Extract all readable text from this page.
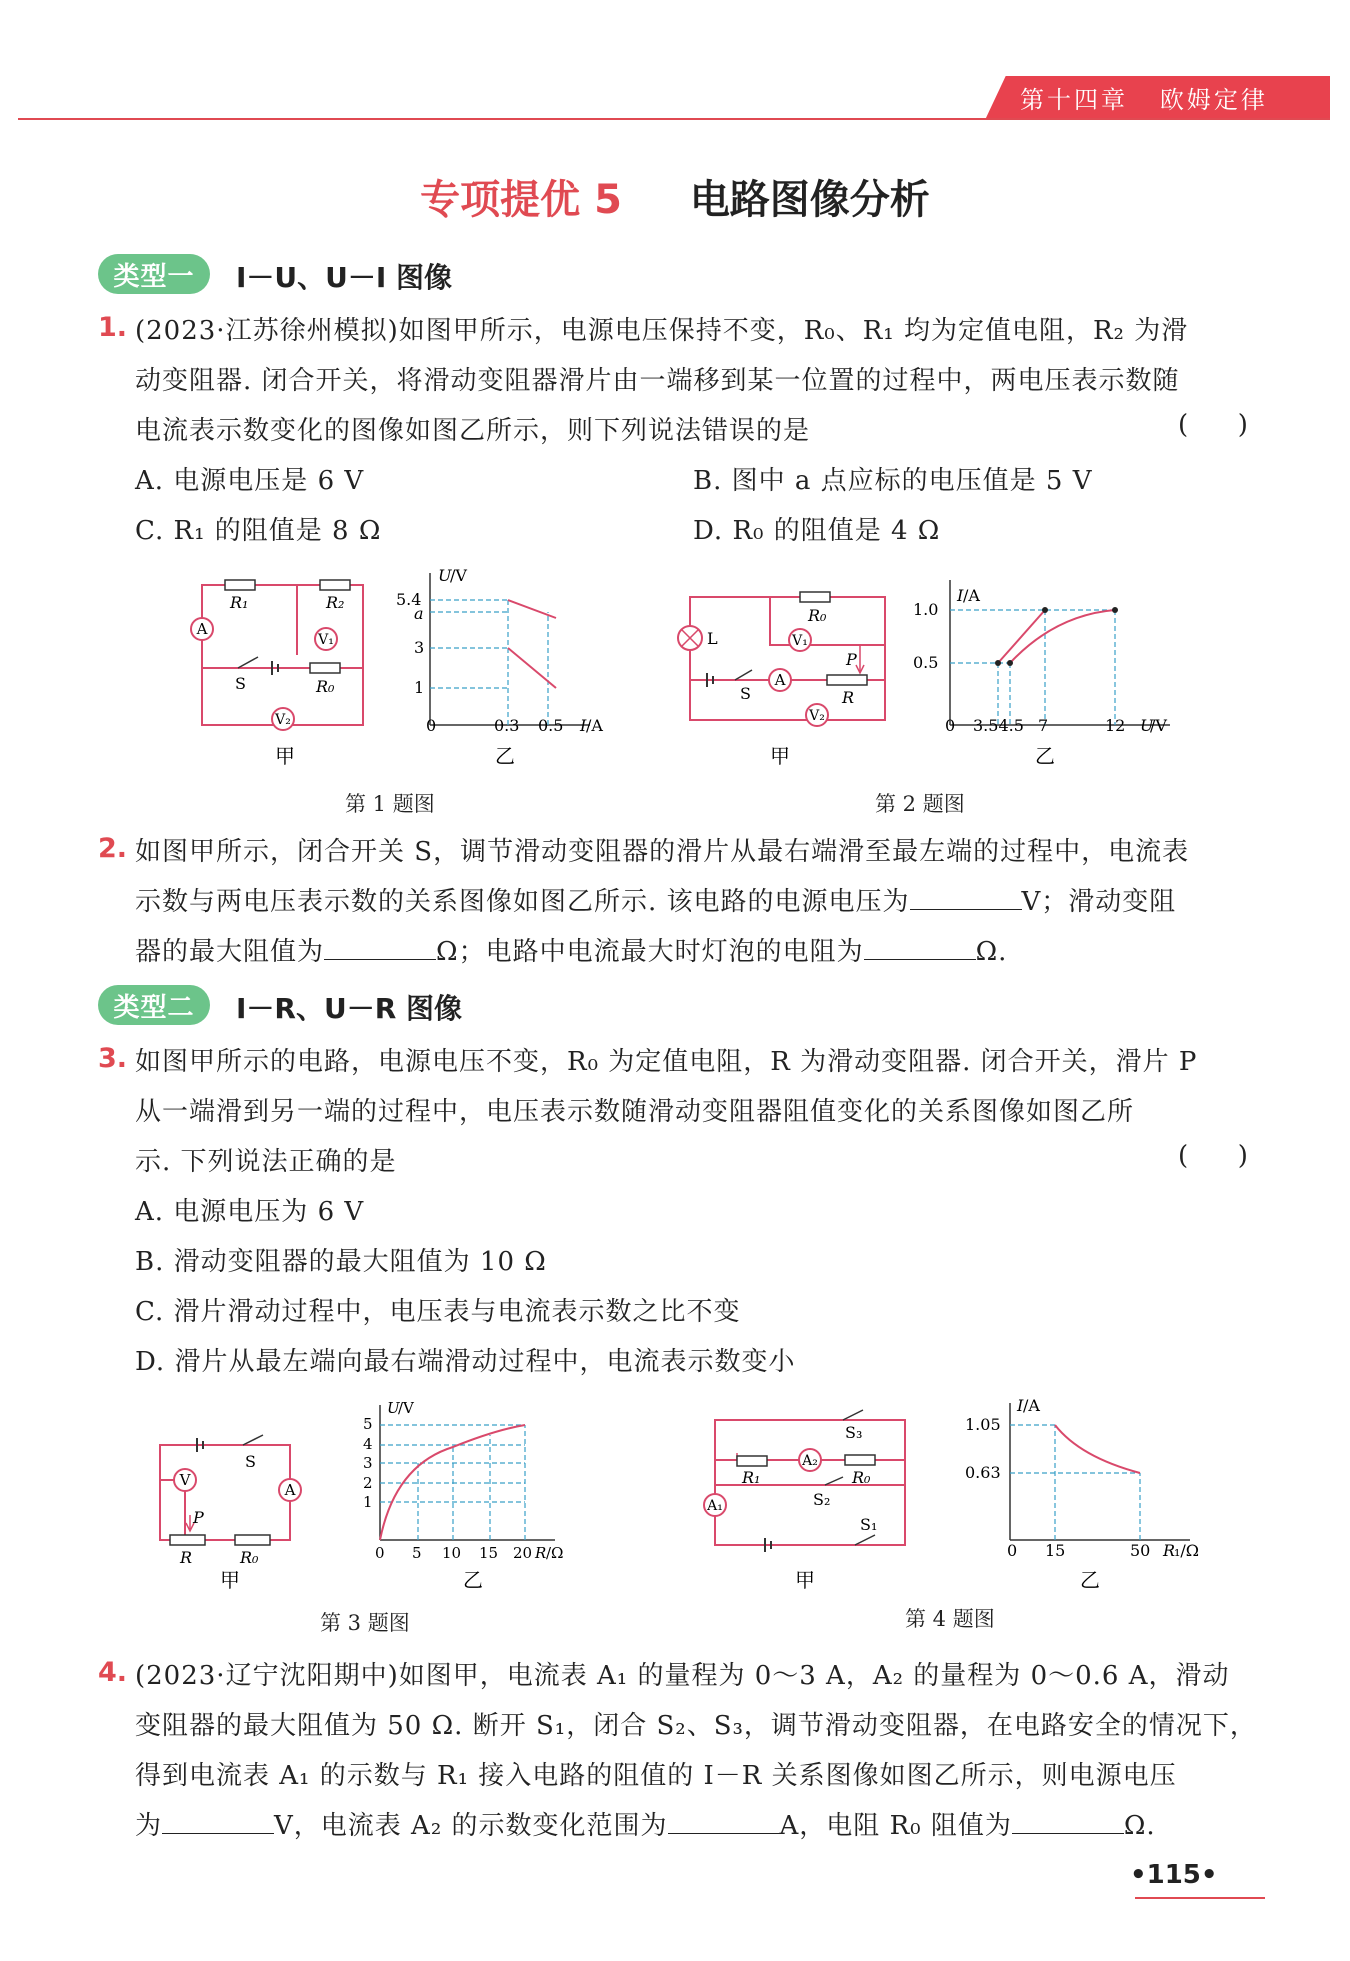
第十四章   欧姆定律
专项提优 5 电路图像分析
类型一	I－U、U－I 图像
1. (2023·江苏徐州模拟)如图甲所示，电源电压保持不变，R₀、R₁ 均为定值电阻，R₂ 为滑
动变阻器. 闭合开关，将滑动变阻器滑片由一端移到某一位置的过程中，两电压表示数随
电流表示数变化的图像如图乙所示，则下列说法错误的是	(      )
A. 电源电压是 6 V	B. 图中 a 点应标的电压值是 5 V
C. R₁ 的阻值是 8 Ω	D. R₀ 的阻值是 4 Ω
A
V₁
V₂
R₁	R₂
R₀
S
甲
U
/V
5.4
a
3
1
0	0.3 0.5 I /A
乙
第 1 题图
L	V₁
A
V₂
R₀
R
P
S
甲
I /A
1.0
0.5
0 3.54.5 7	12 U
/V
乙
第 2 题图
2. 如图甲所示，闭合开关 S，调节滑动变阻器的滑片从最右端滑至最左端的过程中，电流表
示数与两电压表示数的关系图像如图乙所示. 该电路的电源电压为	V；滑动变阻
器的最大阻值为	Ω；电路中电流最大时灯泡的电阻为	Ω.
类型二	I－R、U－R 图像
3. 如图甲所示的电路，电源电压不变，R₀ 为定值电阻，R 为滑动变阻器. 闭合开关，滑片 P
从一端滑到另一端的过程中，电压表示数随滑动变阻器阻值变化的关系图像如图乙所
示. 下列说法正确的是	(      )
A. 电源电压为 6 V
B. 滑动变阻器的最大阻值为 10 Ω
C. 滑片滑动过程中，电压表与电流表示数之比不变
D. 滑片从最左端向最右端滑动过程中，电流表示数变小
V
A
S
P
R	R₀
甲
U
/V
5
4
3
2
1
0 5 10 15 20 R /Ω
乙
第 3 题图
A₁
A₂
S₃
S₂
S₁
R₁	R₀
甲
I /A
1.05
0.63
0 15	50 R
₁/Ω
乙
第 4 题图
4. (2023·辽宁沈阳期中)如图甲，电流表 A₁ 的量程为 0～3 A，A₂ 的量程为 0～0.6 A，滑动
变阻器的最大阻值为 50 Ω. 断开 S₁，闭合 S₂、S₃，调节滑动变阻器，在电路安全的情况下，
得到电流表 A₁ 的示数与 R₁ 接入电路的阻值的 I－R 关系图像如图乙所示，则电源电压
为	V，电流表 A₂ 的示数变化范围为	A，电阻 R₀ 阻值为	Ω.
•115•
